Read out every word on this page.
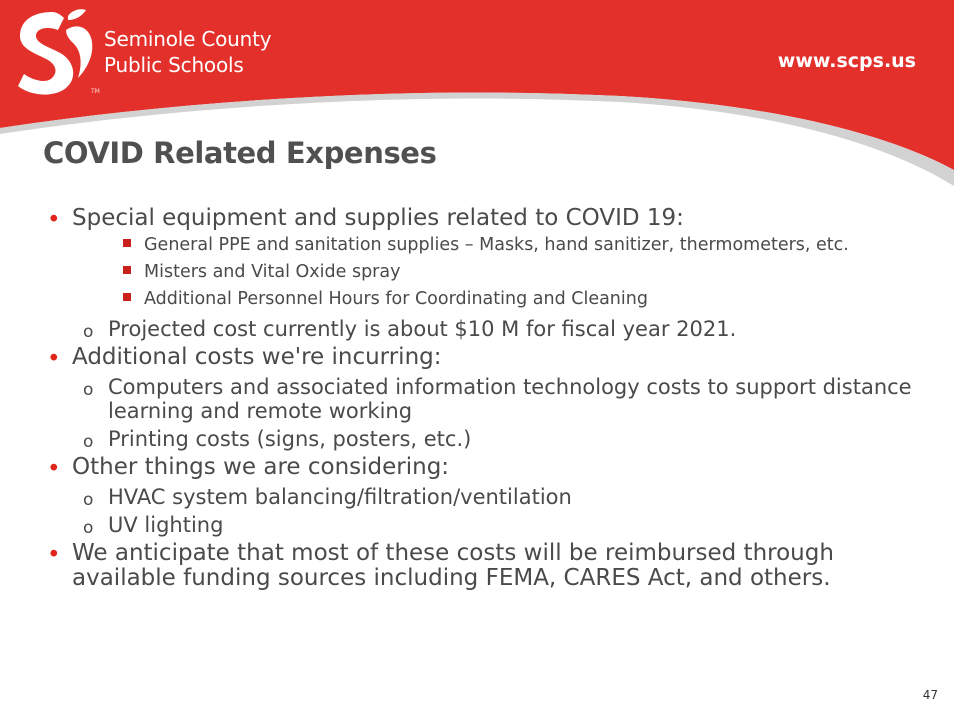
Seminole County
Public Schools
TM
www.scps.us
COVID Related Expenses
• Special equipment and supplies related to COVID 19:
General PPE and sanitation supplies – Masks, hand sanitizer, thermometers, etc.
Misters and Vital Oxide spray
Additional Personnel Hours for Coordinating and Cleaning
o Projected cost currently is about $10 M for fiscal year 2021.
• Additional costs we're incurring:
o Computers and associated information technology costs to support distance learning and remote working
o Printing costs (signs, posters, etc.)
• Other things we are considering:
o HVAC system balancing/filtration/ventilation
o UV lighting
• We anticipate that most of these costs will be reimbursed through available funding sources including FEMA, CARES Act, and others.
47
